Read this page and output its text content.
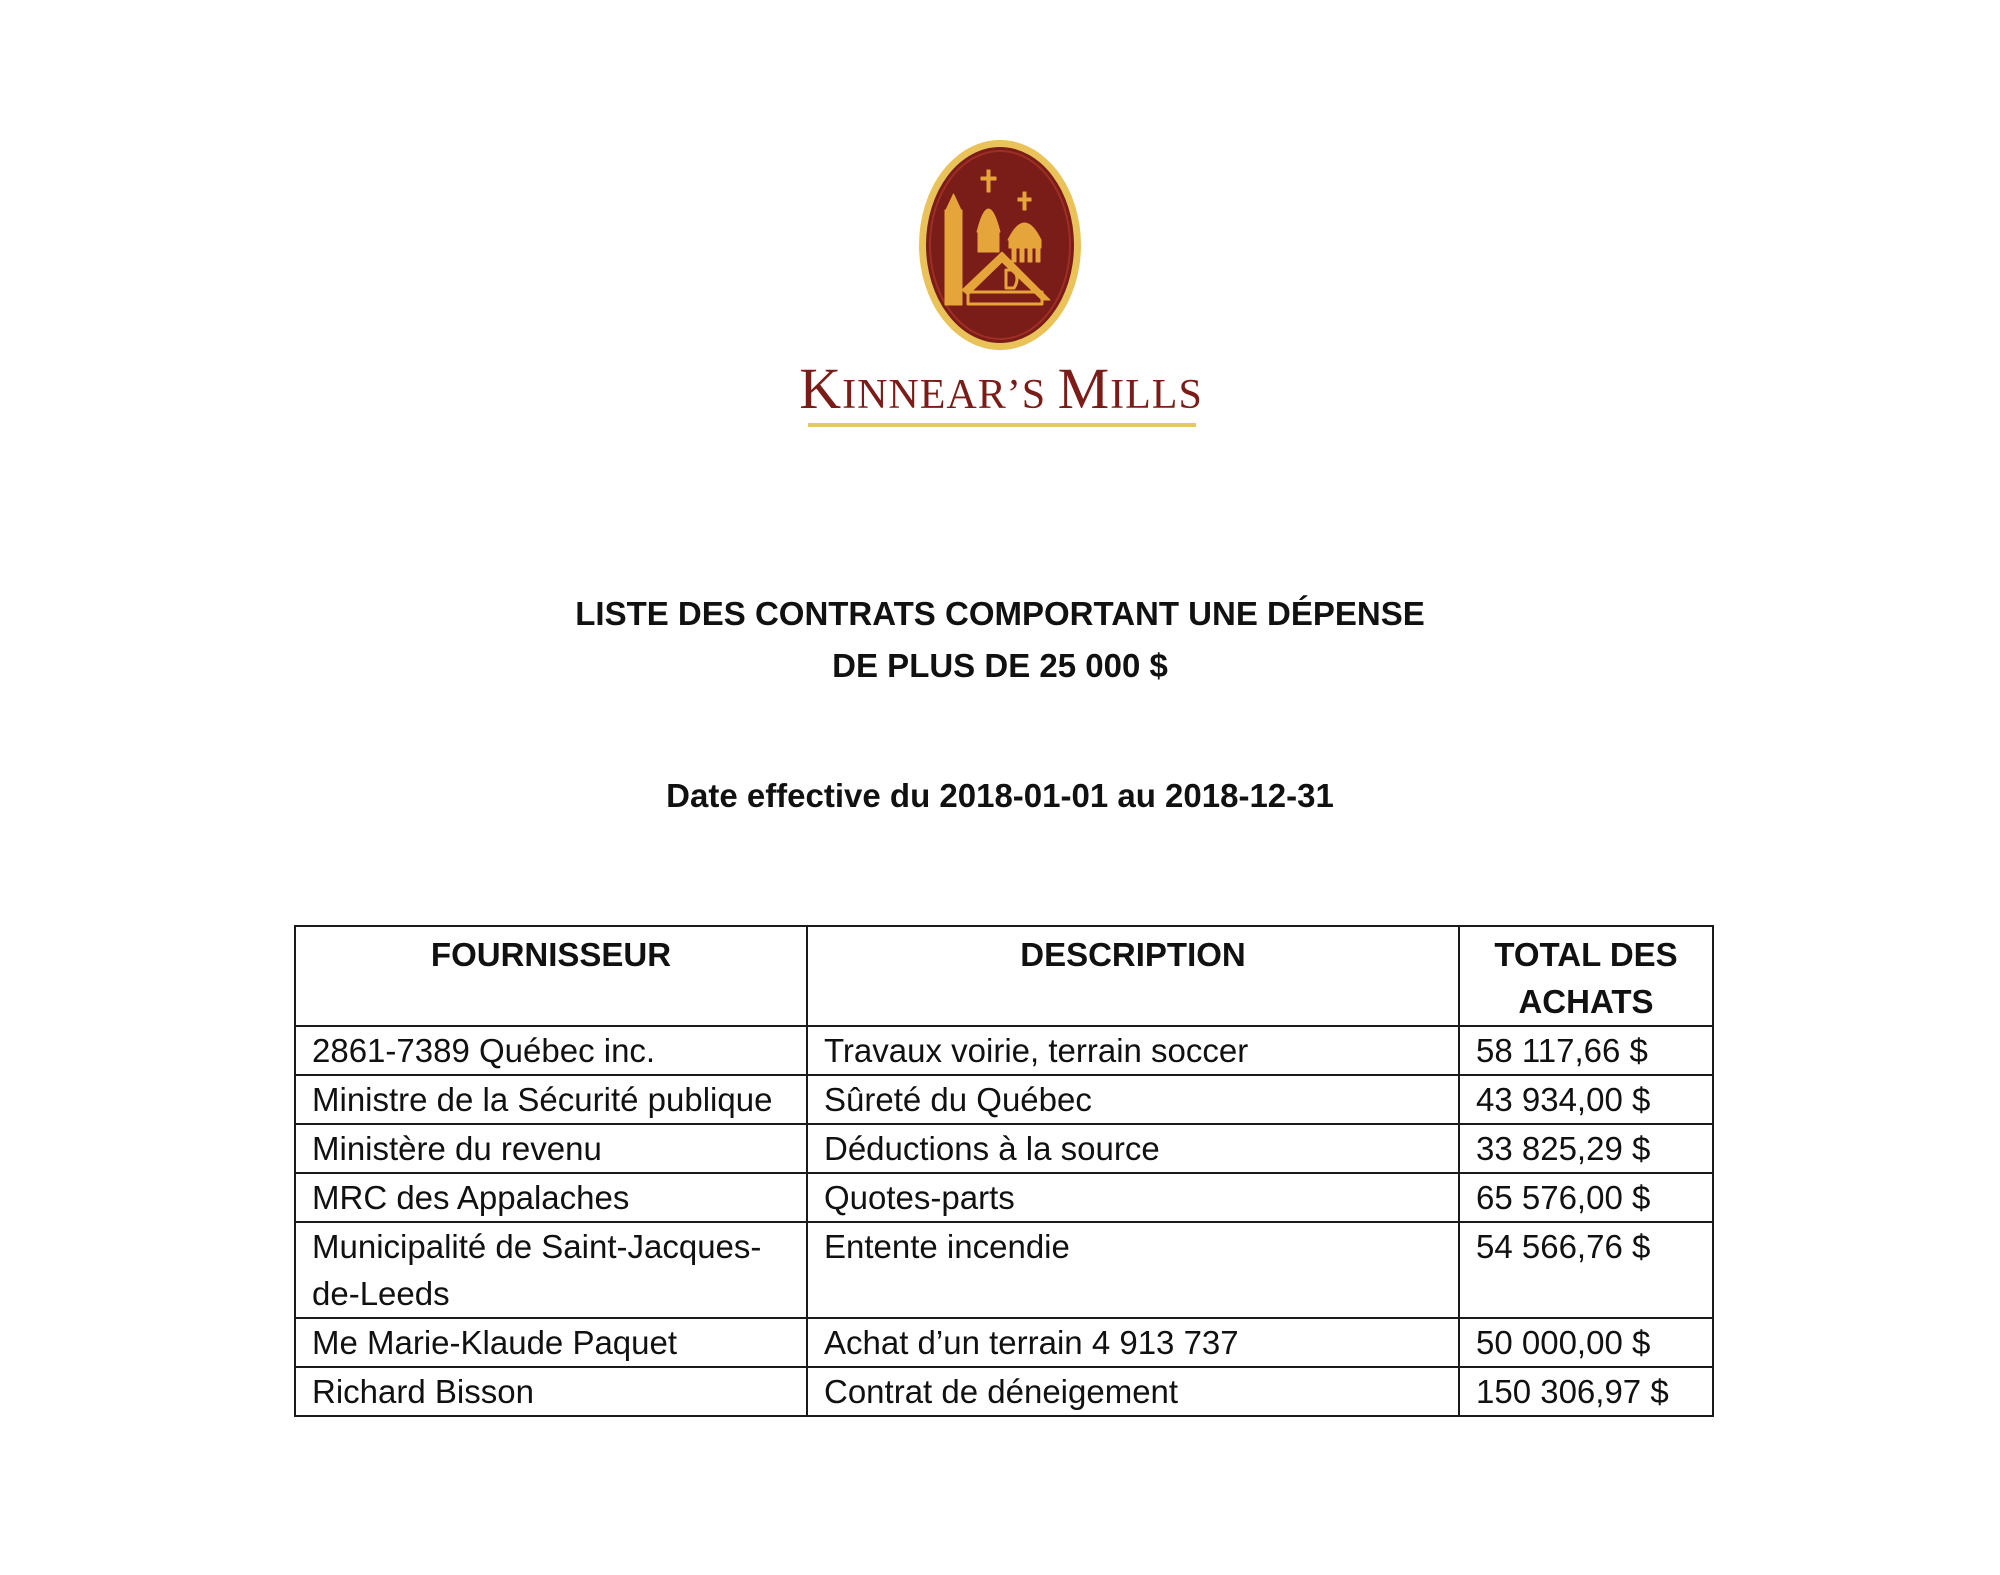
KINNEAR’S MILLS
LISTE DES CONTRATS COMPORTANT UNE DÉPENSE
DE PLUS DE 25 000 $
Date effective du 2018-01-01 au 2018-12-31
FOURNISSEUR	DESCRIPTION	TOTAL DES
ACHATS
2861-7389 Québec inc.	Travaux voirie, terrain soccer	58 117,66 $
Ministre de la Sécurité publique	Sûreté du Québec	43 934,00 $
Ministère du revenu	Déductions à la source	33 825,29 $
MRC des Appalaches	Quotes-parts	65 576,00 $
Municipalité de Saint-Jacques-de-Leeds	Entente incendie	54 566,76 $
Me Marie-Klaude Paquet	Achat d’un terrain 4 913 737	50 000,00 $
Richard Bisson	Contrat de déneigement	150 306,97 $
